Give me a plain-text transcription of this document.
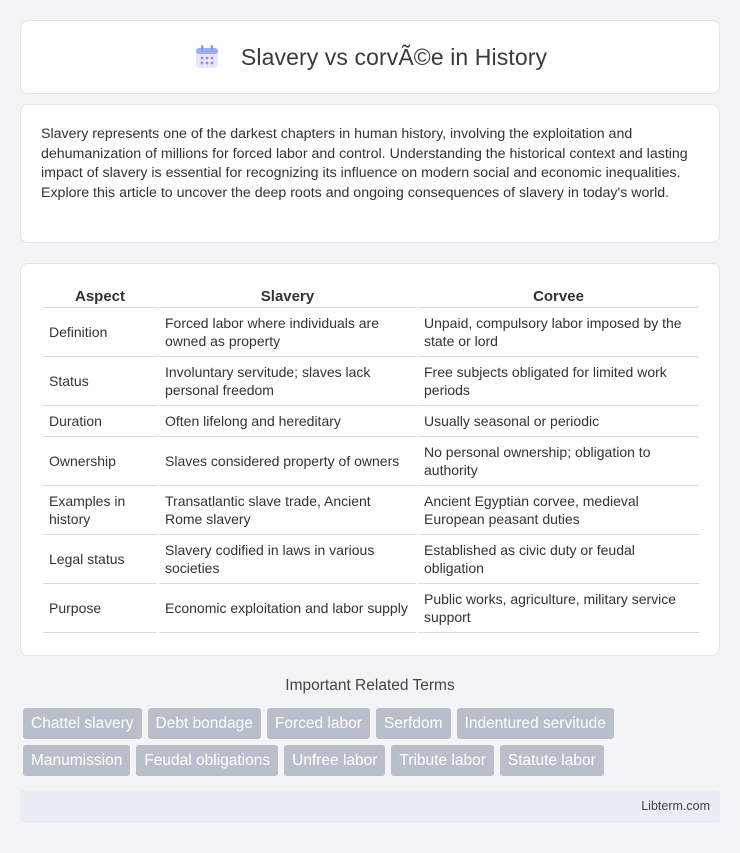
Slavery vs corvÃ©e in History

Slavery represents one of the darkest chapters in human history, involving the exploitation and dehumanization of millions for forced labor and control. Understanding the historical context and lasting impact of slavery is essential for recognizing its influence on modern social and economic inequalities. Explore this article to uncover the deep roots and ongoing consequences of slavery in today's world.

Aspect	Slavery	Corvee
Definition	Forced labor where individuals are owned as property	Unpaid, compulsory labor imposed by the state or lord
Status	Involuntary servitude; slaves lack personal freedom	Free subjects obligated for limited work periods
Duration	Often lifelong and hereditary	Usually seasonal or periodic
Ownership	Slaves considered property of owners	No personal ownership; obligation to authority
Examples in history	Transatlantic slave trade, Ancient Rome slavery	Ancient Egyptian corvee, medieval European peasant duties
Legal status	Slavery codified in laws in various societies	Established as civic duty or feudal obligation
Purpose	Economic exploitation and labor supply	Public works, agriculture, military service support
Important Related Terms
Chattel slavery	Debt bondage	Forced labor	Serfdom	Indentured servitude
Manumission	Feudal obligations	Unfree labor	Tribute labor	Statute labor
Libterm.com
